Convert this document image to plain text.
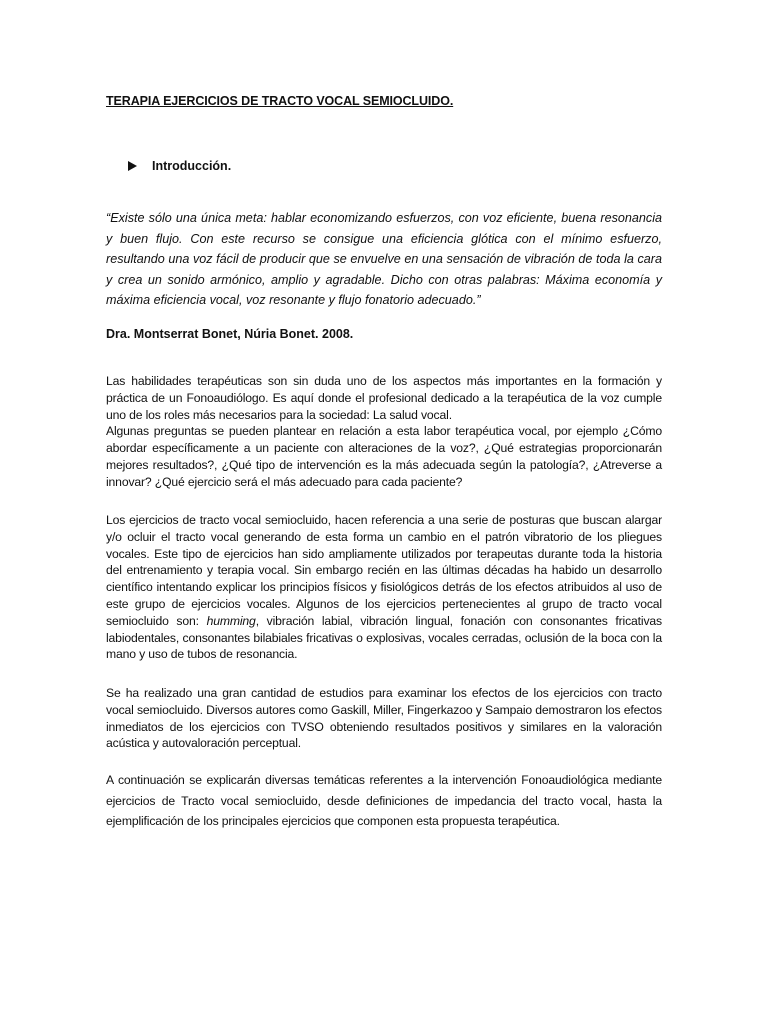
TERAPIA EJERCICIOS DE TRACTO VOCAL SEMIOCLUIDO.
Introducción.
“Existe sólo una única meta: hablar economizando esfuerzos, con voz eficiente, buena resonancia y buen flujo. Con este recurso se consigue una eficiencia glótica con el mínimo esfuerzo, resultando una voz fácil de producir que se envuelve en una sensación de vibración de toda la cara y crea un sonido armónico, amplio y agradable. Dicho con otras palabras: Máxima economía y máxima eficiencia vocal, voz resonante y flujo fonatorio adecuado.”
Dra. Montserrat Bonet, Núria Bonet. 2008.
Las habilidades terapéuticas son sin duda uno de los aspectos más importantes en la formación y práctica de un Fonoaudiólogo. Es aquí donde el profesional dedicado a la terapéutica de la voz cumple uno de los roles más necesarios para la sociedad: La salud vocal.
Algunas preguntas se pueden plantear en relación a esta labor terapéutica vocal, por ejemplo ¿Cómo abordar específicamente a un paciente con alteraciones de la voz?, ¿Qué estrategias proporcionarán mejores resultados?, ¿Qué tipo de intervención es la más adecuada según la patología?, ¿Atreverse a innovar? ¿Qué ejercicio será el más adecuado para cada paciente?
Los ejercicios de tracto vocal semiocluido, hacen referencia a una serie de posturas que buscan alargar y/o ocluir el tracto vocal generando de esta forma un cambio en el patrón vibratorio de los pliegues vocales. Este tipo de ejercicios han sido ampliamente utilizados por terapeutas durante toda la historia del entrenamiento y terapia vocal. Sin embargo recién en las últimas décadas ha habido un desarrollo científico intentando explicar los principios físicos y fisiológicos detrás de los efectos atribuidos al uso de este grupo de ejercicios vocales. Algunos de los ejercicios pertenecientes al grupo de tracto vocal semiocluido son: humming, vibración labial, vibración lingual, fonación con consonantes fricativas labiodentales, consonantes bilabiales fricativas o explosivas, vocales cerradas, oclusión de la boca con la mano y uso de tubos de resonancia.
Se ha realizado una gran cantidad de estudios para examinar los efectos de los ejercicios con tracto vocal semiocluido. Diversos autores como Gaskill, Miller, Fingerkazoo y Sampaio demostraron los efectos inmediatos de los ejercicios con TVSO obteniendo resultados positivos y similares en la valoración acústica y autovaloración perceptual.
A continuación se explicarán diversas temáticas referentes a la intervención Fonoaudiológica mediante ejercicios de Tracto vocal semiocluido, desde definiciones de impedancia del tracto vocal, hasta la ejemplificación de los principales ejercicios que componen esta propuesta terapéutica.
